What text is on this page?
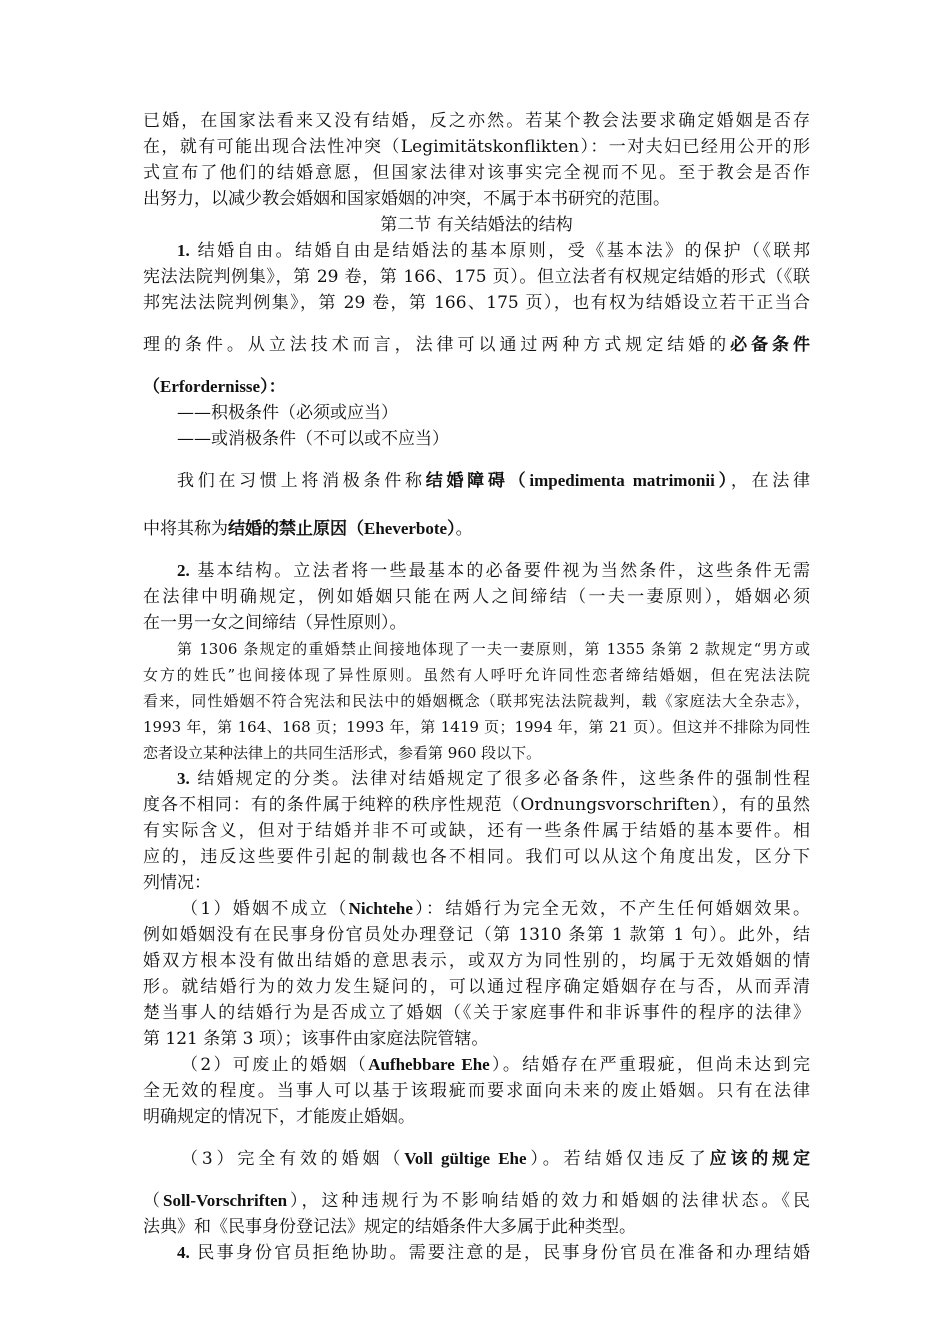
已婚，在国家法看来又没有结婚，反之亦然。若某个教会法要求确定婚姻是否存
在，就有可能出现合法性冲突（Legimitätskonflikten）：一对夫妇已经用公开的形
式宣布了他们的结婚意愿，但国家法律对该事实完全视而不见。至于教会是否作
出努力，以减少教会婚姻和国家婚姻的冲突，不属于本书研究的范围。
第二节 有关结婚法的结构
1. 结婚自由。结婚自由是结婚法的基本原则，受《基本法》的保护（《联邦
宪法法院判例集》，第 29 卷，第 166、175 页）。但立法者有权规定结婚的形式（《联
邦宪法法院判例集》，第 29 卷，第 166、175 页），也有权为结婚设立若干正当合
理的条件。从立法技术而言，法律可以通过两种方式规定结婚的必备条件
（Erfordernisse）：
——积极条件（必须或应当）
——或消极条件（不可以或不应当）
我们在习惯上将消极条件称结婚障碍（impedimenta matrimonii），在法律
中将其称为结婚的禁止原因（Eheverbote）。
2. 基本结构。立法者将一些最基本的必备要件视为当然条件，这些条件无需
在法律中明确规定，例如婚姻只能在两人之间缔结（一夫一妻原则），婚姻必须
在一男一女之间缔结（异性原则）。
第 1306 条规定的重婚禁止间接地体现了一夫一妻原则，第 1355 条第 2 款规定“男方或
女方的姓氏”也间接体现了异性原则。虽然有人呼吁允许同性恋者缔结婚姻，但在宪法法院
看来，同性婚姻不符合宪法和民法中的婚姻概念（联邦宪法法院裁判，载《家庭法大全杂志》，
1993 年，第 164、168 页；1993 年，第 1419 页；1994 年，第 21 页）。但这并不排除为同性
恋者设立某种法律上的共同生活形式，参看第 960 段以下。
3. 结婚规定的分类。法律对结婚规定了很多必备条件，这些条件的强制性程
度各不相同：有的条件属于纯粹的秩序性规范（Ordnungsvorschriften），有的虽然
有实际含义，但对于结婚并非不可或缺，还有一些条件属于结婚的基本要件。相
应的，违反这些要件引起的制裁也各不相同。我们可以从这个角度出发，区分下
列情况：
（1）婚姻不成立（Nichtehe）：结婚行为完全无效，不产生任何婚姻效果。
例如婚姻没有在民事身份官员处办理登记（第 1310 条第 1 款第 1 句）。此外，结
婚双方根本没有做出结婚的意思表示，或双方为同性别的，均属于无效婚姻的情
形。就结婚行为的效力发生疑问的，可以通过程序确定婚姻存在与否，从而弄清
楚当事人的结婚行为是否成立了婚姻（《关于家庭事件和非诉事件的程序的法律》
第 121 条第 3 项）；该事件由家庭法院管辖。
（2）可废止的婚姻（Aufhebbare Ehe）。结婚存在严重瑕疵，但尚未达到完
全无效的程度。当事人可以基于该瑕疵而要求面向未来的废止婚姻。只有在法律
明确规定的情况下，才能废止婚姻。
（3）完全有效的婚姻（Voll gültige Ehe）。若结婚仅违反了应该的规定
（Soll-Vorschriften），这种违规行为不影响结婚的效力和婚姻的法律状态。《民
法典》和《民事身份登记法》规定的结婚条件大多属于此种类型。
4. 民事身份官员拒绝协助。需要注意的是，民事身份官员在准备和办理结婚
